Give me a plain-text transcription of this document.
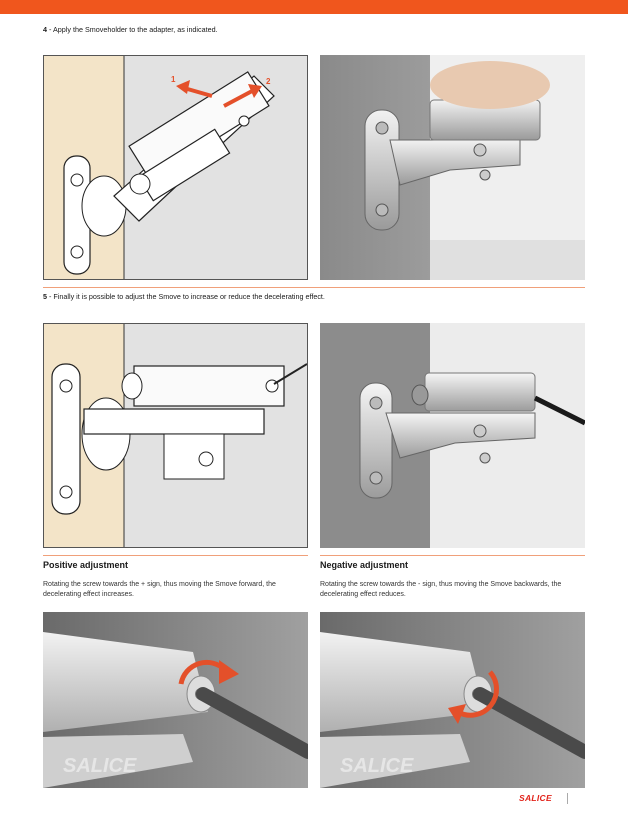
4 - Apply the Smoveholder to the adapter, as indicated.
1	2
5 - Finally it is possible to adjust the Smove to increase or reduce the decelerating effect.
Positive adjustment
Rotating the screw towards the + sign, thus moving the Smove forward, the decelerating effect increases.
Negative adjustment
Rotating the screw towards the - sign, thus moving the Smove backwards, the decelerating effect reduces.
SALICE	SALICE
SALICE
